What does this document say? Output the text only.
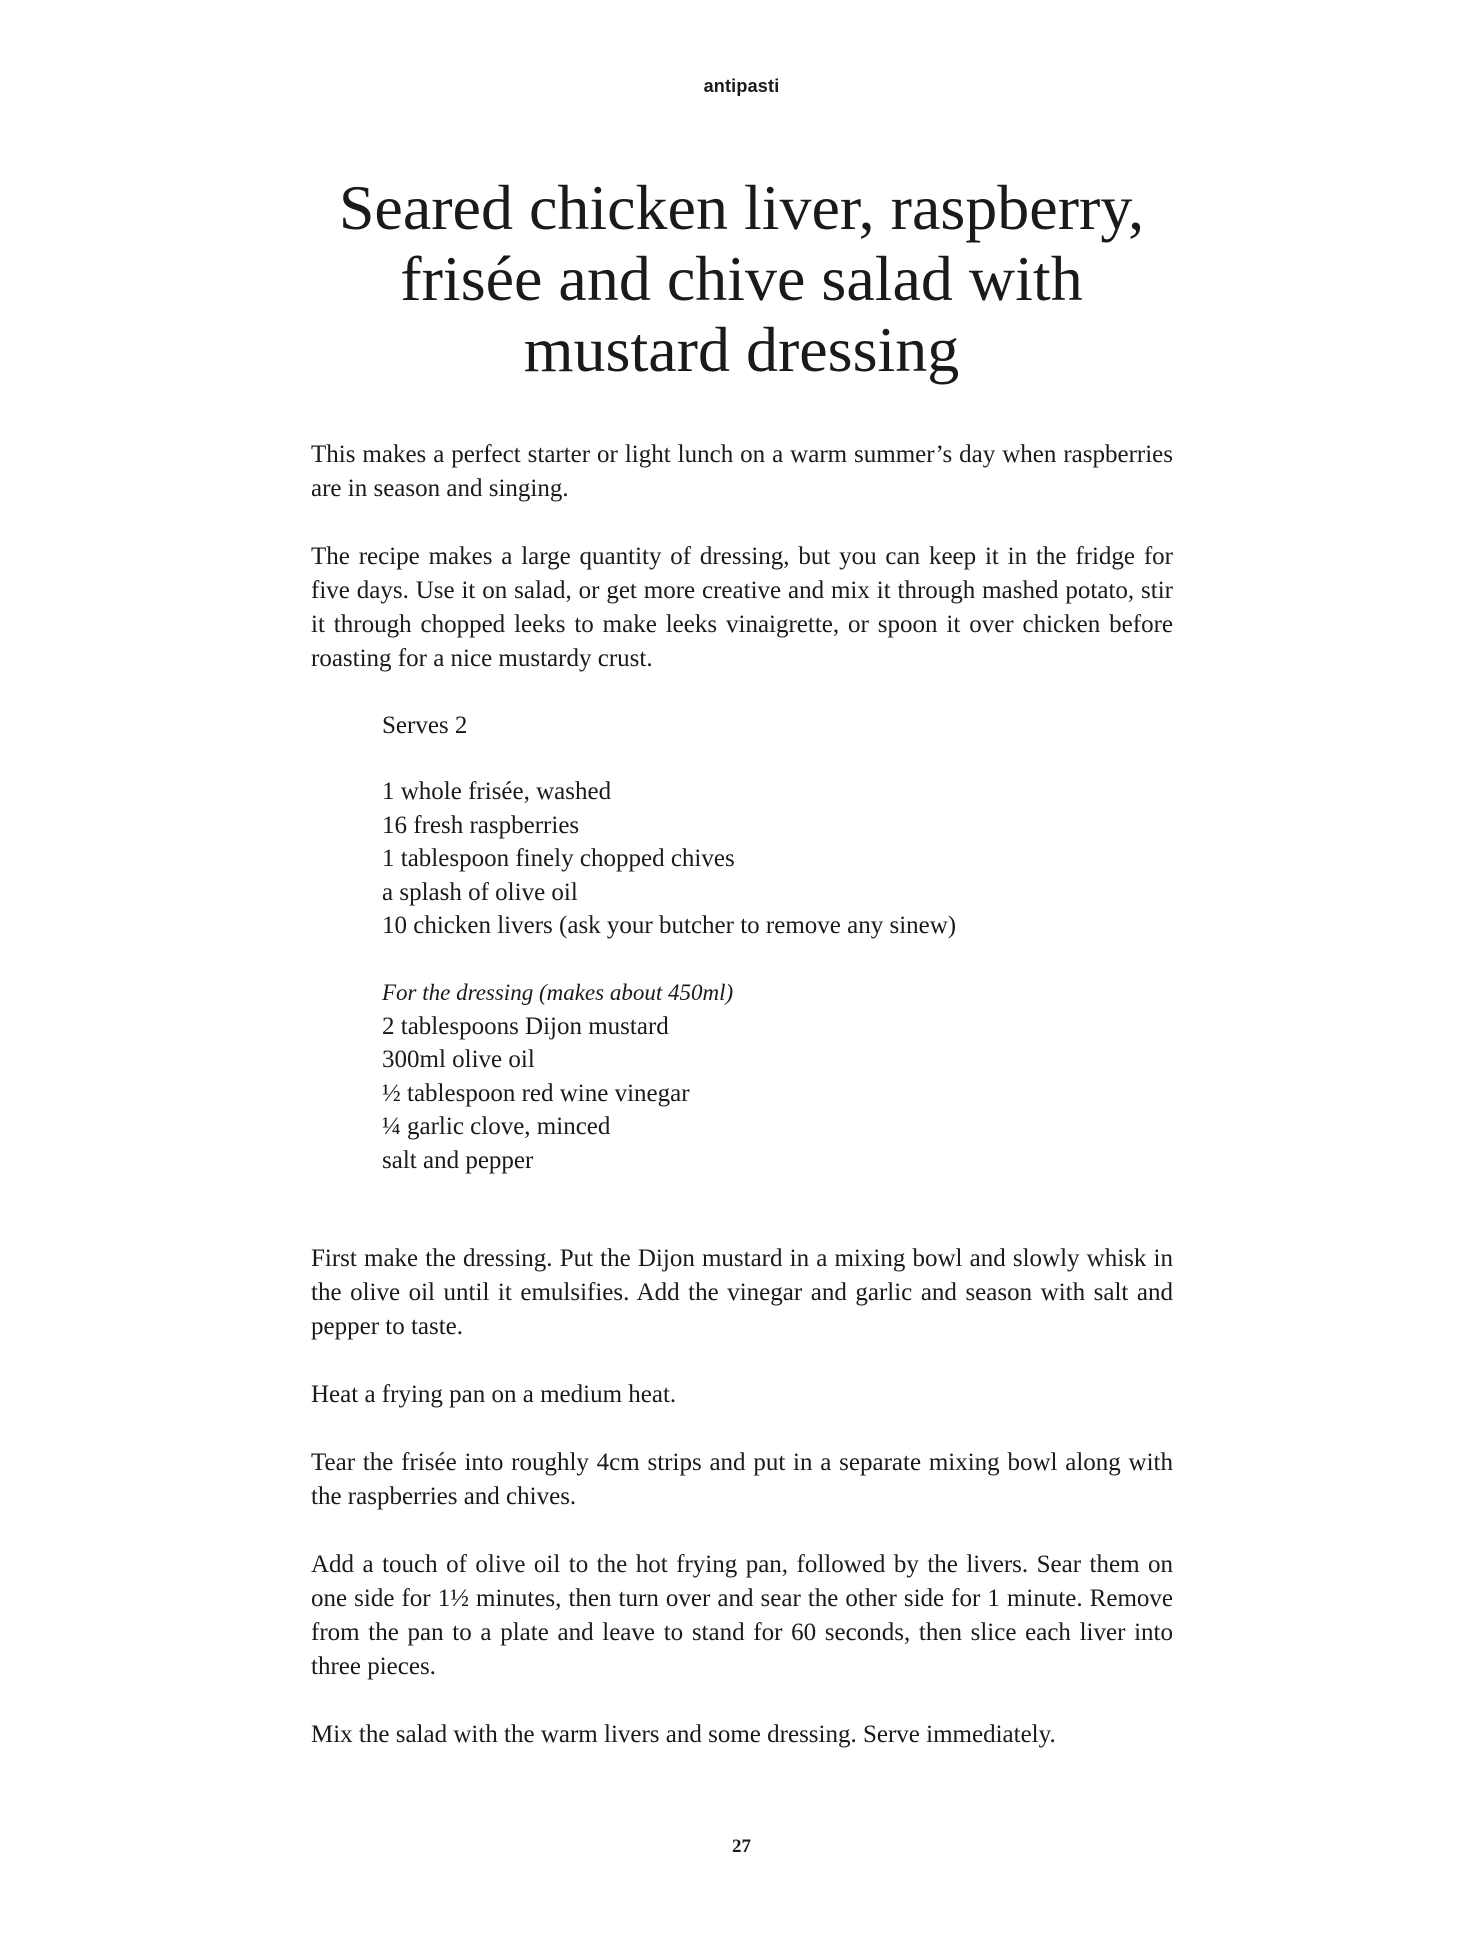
antipasti
Seared chicken liver, raspberry,
frisée and chive salad with
mustard dressing

This makes a perfect starter or light lunch on a warm summer’s day when raspberries are in season and singing.

The recipe makes a large quantity of dressing, but you can keep it in the fridge for five days. Use it on salad, or get more creative and mix it through mashed potato, stir it through chopped leeks to make leeks vinaigrette, or spoon it over chicken before roasting for a nice mustardy crust.

Serves 2
1 whole frisée, washed
16 fresh raspberries
1 tablespoon finely chopped chives
a splash of olive oil
10 chicken livers (ask your butcher to remove any sinew)
For the dressing (makes about 450ml)
2 tablespoons Dijon mustard
300ml olive oil
½ tablespoon red wine vinegar
¼ garlic clove, minced
salt and pepper

First make the dressing. Put the Dijon mustard in a mixing bowl and slowly whisk in the olive oil until it emulsifies. Add the vinegar and garlic and season with salt and pepper to taste.

Heat a frying pan on a medium heat.

Tear the frisée into roughly 4cm strips and put in a separate mixing bowl along with the raspberries and chives.

Add a touch of olive oil to the hot frying pan, followed by the livers. Sear them on one side for 1½ minutes, then turn over and sear the other side for 1 minute. Remove from the pan to a plate and leave to stand for 60 seconds, then slice each liver into three pieces.

Mix the salad with the warm livers and some dressing. Serve immediately.

27
